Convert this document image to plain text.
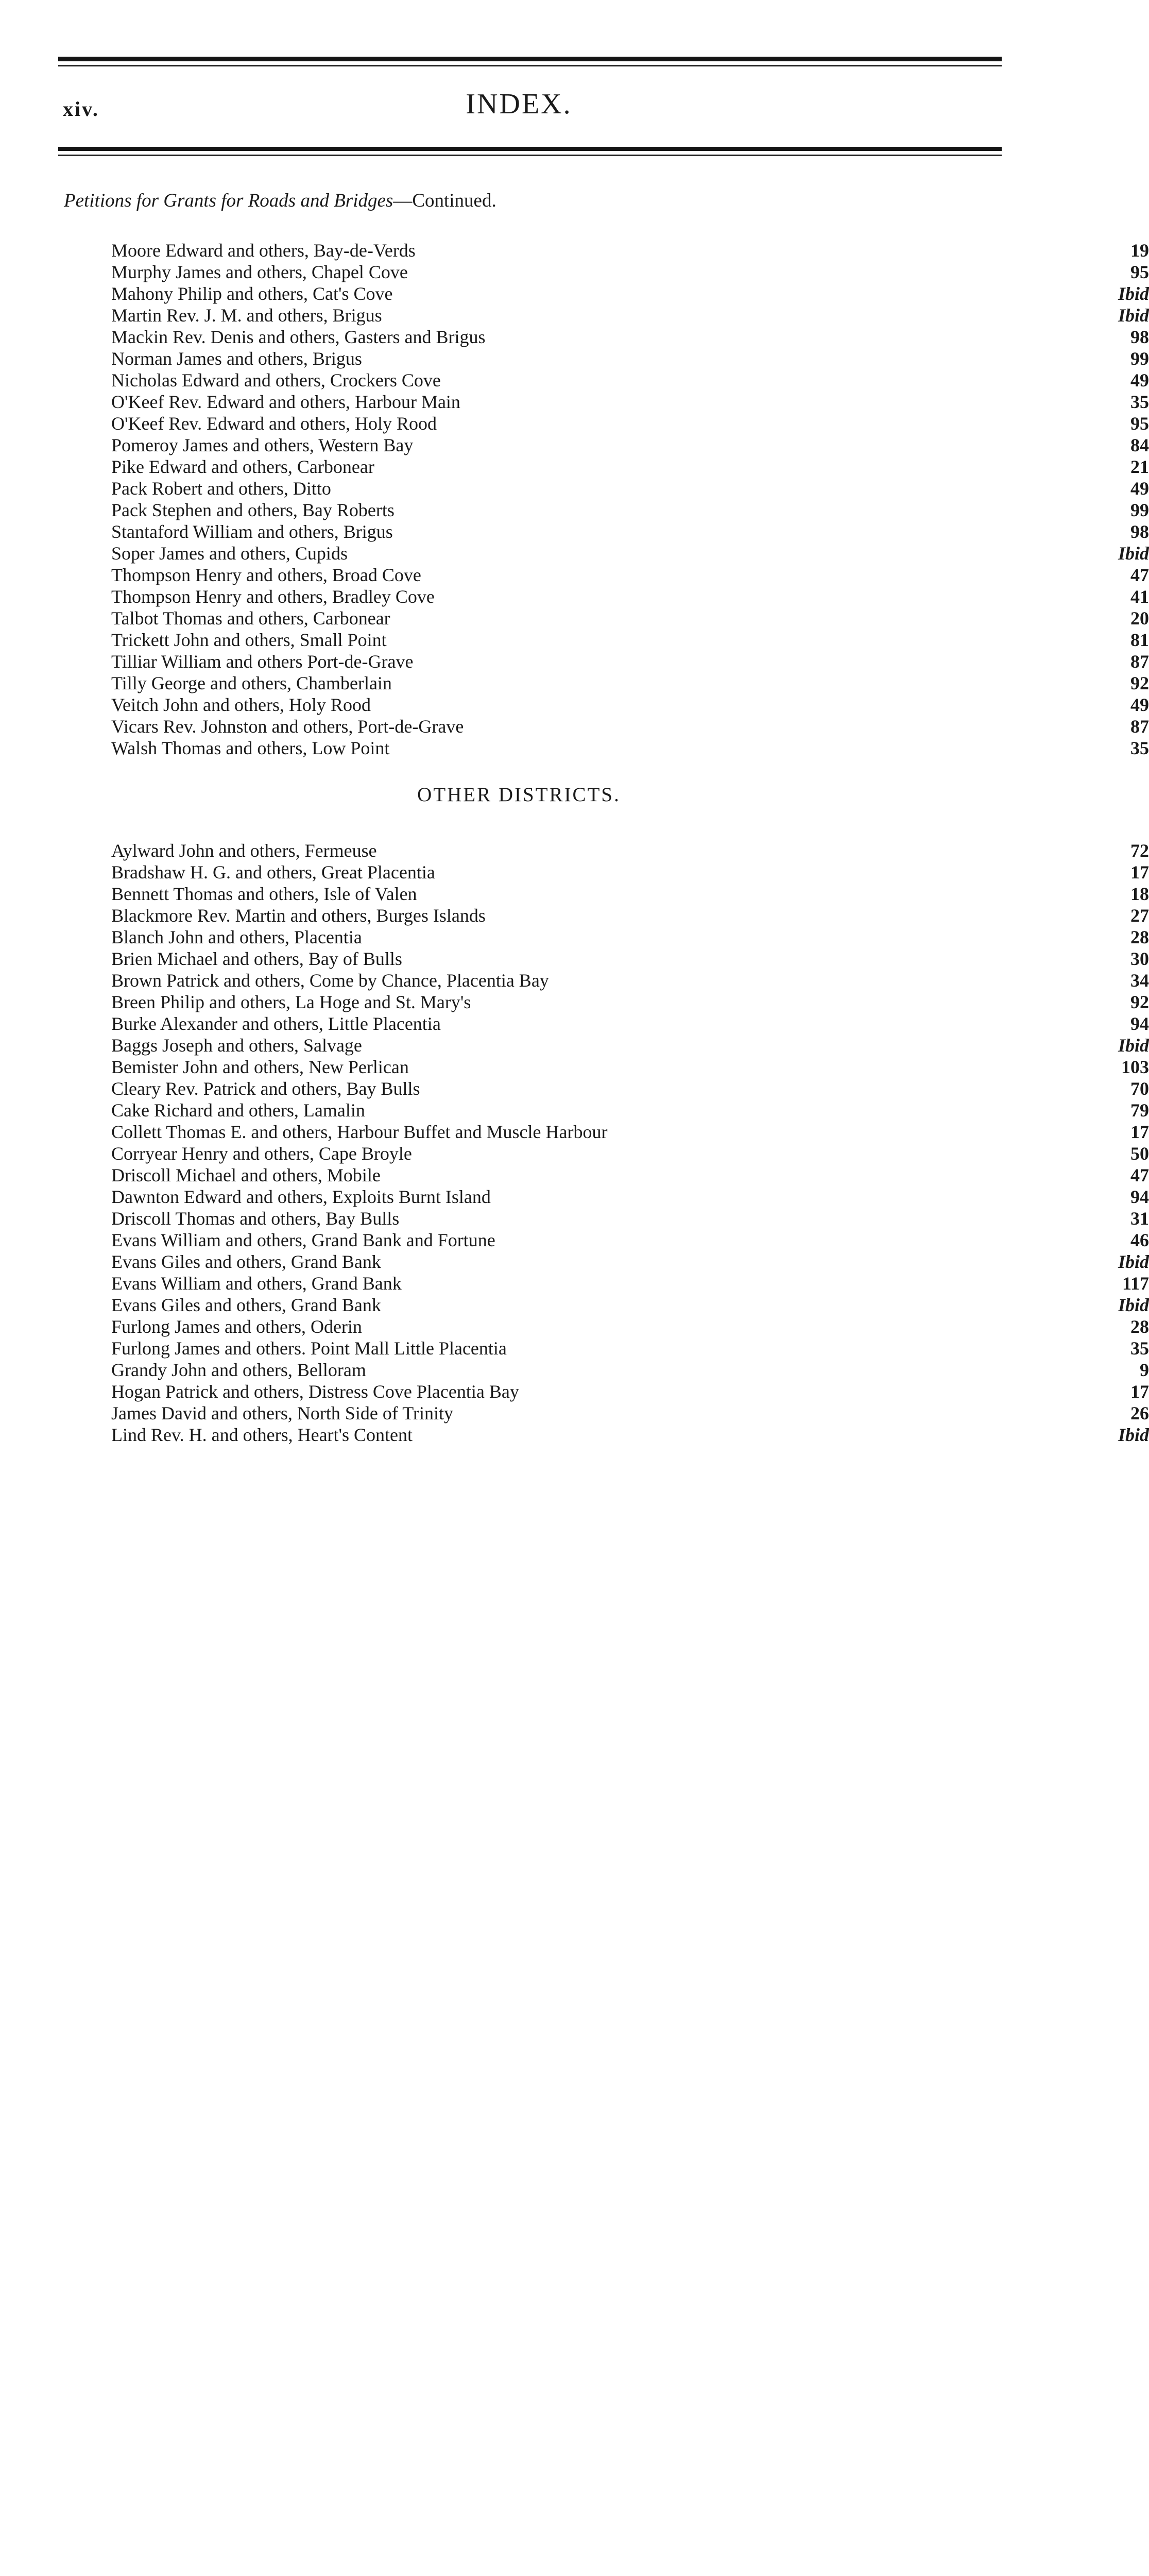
xiv.	INDEX.
Petitions for Grants for Roads and Bridges—Continued.
Moore Edward and others, Bay-de-Verds	19
Murphy James and others, Chapel Cove	95
Mahony Philip and others, Cat's Cove	Ibid
Martin Rev. J. M. and others, Brigus	Ibid
Mackin Rev. Denis and others, Gasters and Brigus	98
Norman James and others, Brigus	99
Nicholas Edward and others, Crockers Cove	49
O'Keef Rev. Edward and others, Harbour Main	35
O'Keef Rev. Edward and others, Holy Rood	95
Pomeroy James and others, Western Bay	84
Pike Edward and others, Carbonear	21
Pack Robert and others, Ditto	49
Pack Stephen and others, Bay Roberts	99
Stantaford William and others, Brigus	98
Soper James and others, Cupids	Ibid
Thompson Henry and others, Broad Cove	47
Thompson Henry and others, Bradley Cove	41
Talbot Thomas and others, Carbonear	20
Trickett John and others, Small Point	81
Tilliar William and others Port-de-Grave	87
Tilly George and others, Chamberlain	92
Veitch John and others, Holy Rood	49
Vicars Rev. Johnston and others, Port-de-Grave	87
Walsh Thomas and others, Low Point	35
OTHER DISTRICTS.
Aylward John and others, Fermeuse	72
Bradshaw H. G. and others, Great Placentia	17
Bennett Thomas and others, Isle of Valen	18
Blackmore Rev. Martin and others, Burges Islands	27
Blanch John and others, Placentia	28
Brien Michael and others, Bay of Bulls	30
Brown Patrick and others, Come by Chance, Placentia Bay	34
Breen Philip and others, La Hoge and St. Mary's	92
Burke Alexander and others, Little Placentia	94
Baggs Joseph and others, Salvage	Ibid
Bemister John and others, New Perlican	103
Cleary Rev. Patrick and others, Bay Bulls	70
Cake Richard and others, Lamalin	79
Collett Thomas E. and others, Harbour Buffet and Muscle Harbour	17
Corryear Henry and others, Cape Broyle	50
Driscoll Michael and others, Mobile	47
Dawnton Edward and others, Exploits Burnt Island	94
Driscoll Thomas and others, Bay Bulls	31
Evans William and others, Grand Bank and Fortune	46
Evans Giles and others, Grand Bank	Ibid
Evans William and others, Grand Bank	117
Evans Giles and others, Grand Bank	Ibid
Furlong James and others, Oderin	28
Furlong James and others. Point Mall Little Placentia	35
Grandy John and others, Belloram	9
Hogan Patrick and others, Distress Cove Placentia Bay	17
James David and others, North Side of Trinity	26
Lind Rev. H. and others, Heart's Content	Ibid
